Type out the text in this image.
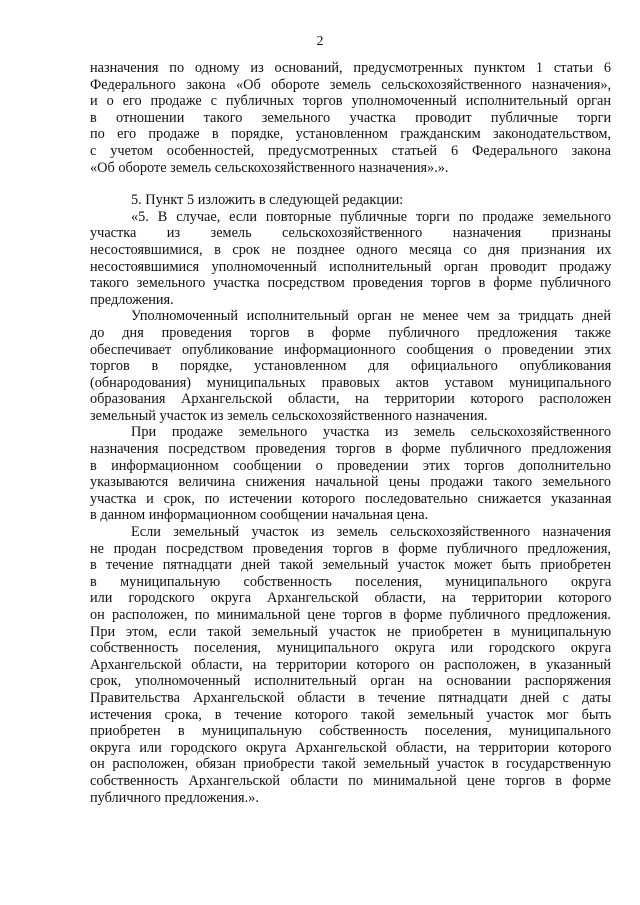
2

назначения по одному из оснований, предусмотренных пунктом 1 статьи 6
Федерального закона «Об обороте земель сельскохозяйственного назначения»,
и о его продаже с публичных торгов уполномоченный исполнительный орган
в отношении такого земельного участка проводит публичные торги
по его продаже в порядке, установленном гражданским законодательством,
с учетом особенностей, предусмотренных статьей 6 Федерального закона
«Об обороте земель сельскохозяйственного назначения».».

5. Пункт 5 изложить в следующей редакции:

«5. В случае, если повторные публичные торги по продаже земельного
участка из земель сельскохозяйственного назначения признаны
несостоявшимися, в срок не позднее одного месяца со дня признания их
несостоявшимися уполномоченный исполнительный орган проводит продажу
такого земельного участка посредством проведения торгов в форме публичного
предложения.

Уполномоченный исполнительный орган не менее чем за тридцать дней
до дня проведения торгов в форме публичного предложения также
обеспечивает опубликование информационного сообщения о проведении этих
торгов в порядке, установленном для официального опубликования
(обнародования) муниципальных правовых актов уставом муниципального
образования Архангельской области, на территории которого расположен
земельный участок из земель сельскохозяйственного назначения.

При продаже земельного участка из земель сельскохозяйственного
назначения посредством проведения торгов в форме публичного предложения
в информационном сообщении о проведении этих торгов дополнительно
указываются величина снижения начальной цены продажи такого земельного
участка и срок, по истечении которого последовательно снижается указанная
в данном информационном сообщении начальная цена.

Если земельный участок из земель сельскохозяйственного назначения
не продан посредством проведения торгов в форме публичного предложения,
в течение пятнадцати дней такой земельный участок может быть приобретен
в муниципальную собственность поселения, муниципального округа
или городского округа Архангельской области, на территории которого
он расположен, по минимальной цене торгов в форме публичного предложения.
При этом, если такой земельный участок не приобретен в муниципальную
собственность поселения, муниципального округа или городского округа
Архангельской области, на территории которого он расположен, в указанный
срок, уполномоченный исполнительный орган на основании распоряжения
Правительства Архангельской области в течение пятнадцати дней с даты
истечения срока, в течение которого такой земельный участок мог быть
приобретен в муниципальную собственность поселения, муниципального
округа или городского округа Архангельской области, на территории которого
он расположен, обязан приобрести такой земельный участок в государственную
собственность Архангельской области по минимальной цене торгов в форме
публичного предложения.».
